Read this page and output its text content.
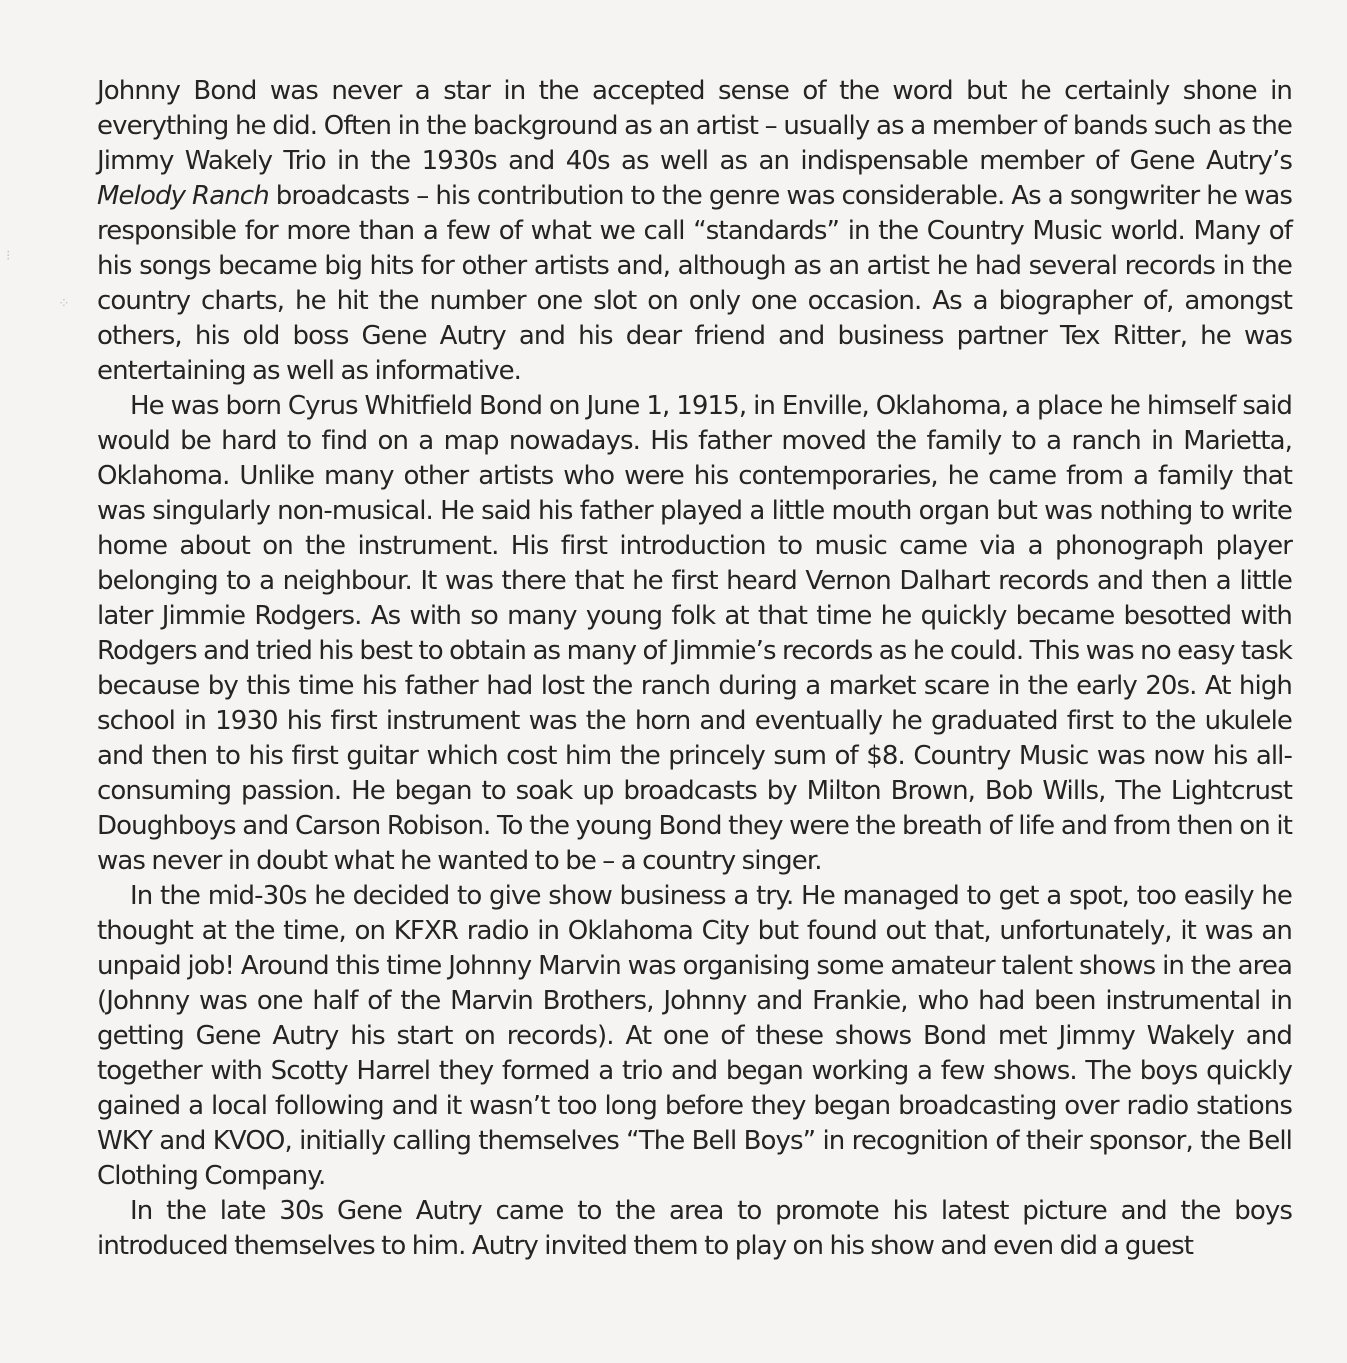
⁝
⁘

Johnny Bond was never a star in the accepted sense of the word but he certainly shone in everything he did. Often in the background as an artist – usually as a member of bands such as the Jimmy Wakely Trio in the 1930s and 40s as well as an indispensable member of Gene Autry’s Melody Ranch broadcasts – his contribution to the genre was considerable. As a songwriter he was responsible for more than a few of what we call “standards” in the Country Music world. Many of his songs became big hits for other artists and, although as an artist he had several records in the country charts, he hit the number one slot on only one occasion. As a biographer of, amongst others, his old boss Gene Autry and his dear friend and business partner Tex Ritter, he was entertaining as well as informative.

He was born Cyrus Whitfield Bond on June 1, 1915, in Enville, Oklahoma, a place he himself said would be hard to find on a map nowadays. His father moved the family to a ranch in Marietta, Oklahoma. Unlike many other artists who were his contemporaries, he came from a family that was singularly non-musical. He said his father played a little mouth organ but was nothing to write home about on the instrument. His first introduction to music came via a phonograph player belonging to a neighbour. It was there that he first heard Vernon Dalhart records and then a little later Jimmie Rodgers. As with so many young folk at that time he quickly became besotted with Rodgers and tried his best to obtain as many of Jimmie’s records as he could. This was no easy task because by this time his father had lost the ranch during a market scare in the early 20s. At high school in 1930 his first instrument was the horn and eventually he graduated first to the ukulele and then to his first guitar which cost him the princely sum of $8. Country Music was now his all-consuming passion. He began to soak up broadcasts by Milton Brown, Bob Wills, The Lightcrust Doughboys and Carson Robison. To the young Bond they were the breath of life and from then on it was never in doubt what he wanted to be – a country singer.

In the mid-30s he decided to give show business a try. He managed to get a spot, too easily he thought at the time, on KFXR radio in Oklahoma City but found out that, unfortunately, it was an unpaid job! Around this time Johnny Marvin was organising some amateur talent shows in the area (Johnny was one half of the Marvin Brothers, Johnny and Frankie, who had been instrumental in getting Gene Autry his start on records). At one of these shows Bond met Jimmy Wakely and together with Scotty Harrel they formed a trio and began working a few shows. The boys quickly gained a local following and it wasn’t too long before they began broadcasting over radio stations WKY and KVOO, initially calling themselves “The Bell Boys” in recognition of their sponsor, the Bell Clothing Company.

In the late 30s Gene Autry came to the area to promote his latest picture and the boys introduced themselves to him. Autry invited them to play on his show and even did a guest
